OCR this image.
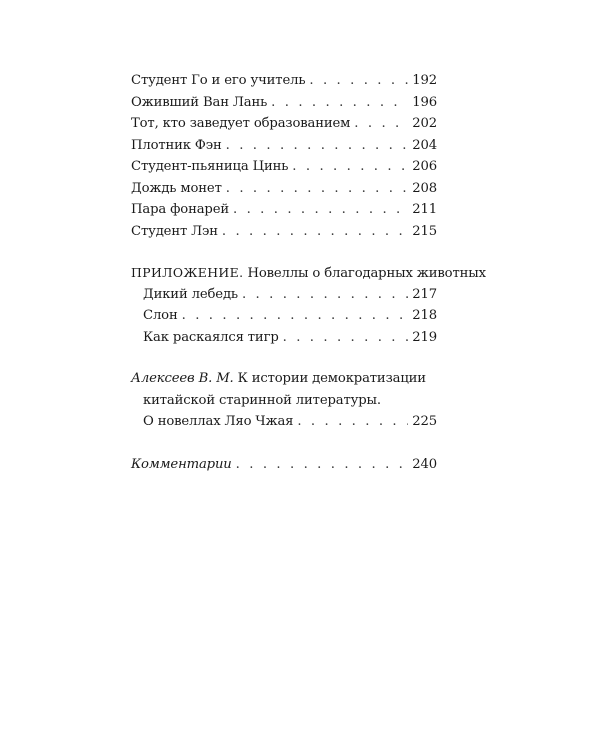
Студент Го и его учитель . . .	192
Оживший Ван Лань . . .	196
Тот, кто заведует образованием . . .	202
Плотник Фэн . . .	204
Студент-пьяница Цинь . . .	206
Дождь монет . . .	208
Пара фонарей . . .	211
Студент Лэн . . .	215
ПРИЛОЖЕНИЕ. Новеллы о благодарных животных
Дикий лебедь . . .	217
Слон . . .	218
Как раскаялся тигр . . .	219
Алексеев В. М. К истории демократизации
китайской старинной литературы.
О новеллах Ляо Чжая . . .	225
Комментарии . . .	240
